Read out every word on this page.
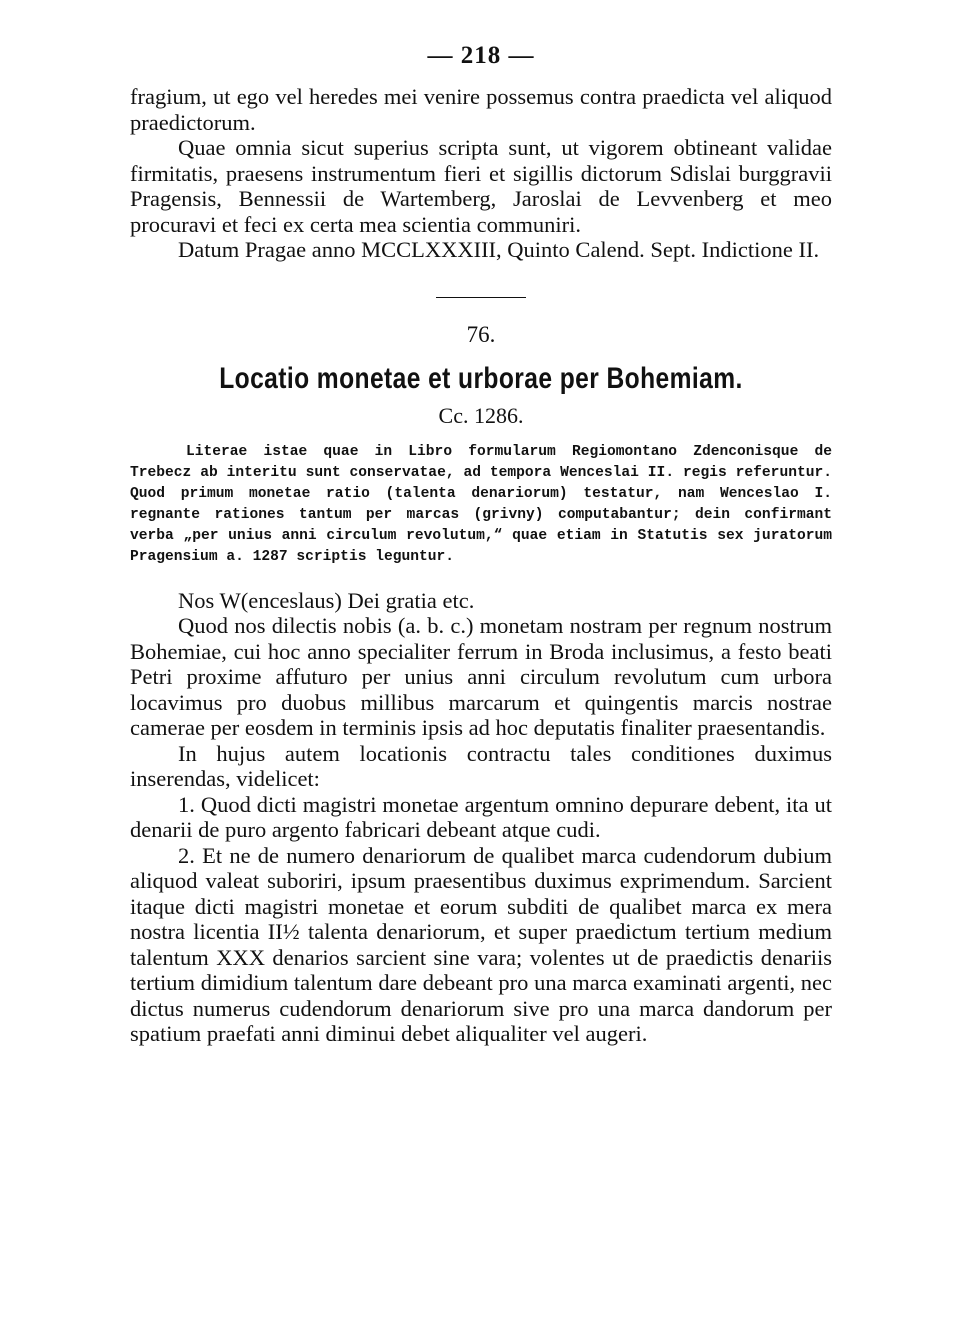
— 218 —

fragium, ut ego vel heredes mei venire possemus contra praedicta vel aliquod praedictorum.

Quae omnia sicut superius scripta sunt, ut vigorem obtineant validae firmitatis, praesens instrumentum fieri et sigillis dictorum Sdislai burggravii Pragensis, Bennessii de Wartemberg, Jaroslai de Levvenberg et meo procuravi et feci ex certa mea scientia communiri.

Datum Pragae anno MCCLXXXIII, Quinto Calend. Sept. Indictione II.

76.
Locatio monetae et urborae per Bohemiam.
Cc. 1286.

Literae istae quae in Libro formularum Regiomontano Zdenconisque de Trebecz ab interitu sunt conservatae, ad tempora Wenceslai II. regis referuntur. Quod primum monetae ratio (talenta denariorum) testatur, nam Wenceslao I. regnante rationes tantum per marcas (grivny) computabantur; dein confirmant verba „per unius anni circulum revolutum,“ quae etiam in Statutis sex juratorum Pragensium a. 1287 scriptis leguntur.

Nos W(enceslaus) Dei gratia etc.

Quod nos dilectis nobis (a. b. c.) monetam nostram per regnum nostrum Bohemiae, cui hoc anno specialiter ferrum in Broda inclusimus, a festo beati Petri proxime affuturo per unius anni circulum revolutum cum urbora locavimus pro duobus millibus marcarum et quingentis marcis nostrae camerae per eosdem in terminis ipsis ad hoc deputatis finaliter praesentandis.

In hujus autem locationis contractu tales conditiones duximus inserendas, videlicet:

1. Quod dicti magistri monetae argentum omnino depurare debent, ita ut denarii de puro argento fabricari debeant atque cudi.

2. Et ne de numero denariorum de qualibet marca cudendorum dubium aliquod valeat suboriri, ipsum praesentibus duximus exprimendum. Sarcient itaque dicti magistri monetae et eorum subditi de qualibet marca ex mera nostra licentia II½ talenta denariorum, et super praedictum tertium medium talentum XXX denarios sarcient sine vara; volentes ut de praedictis denariis tertium dimidium talentum dare debeant pro una marca examinati argenti, nec dictus numerus cudendorum denariorum sive pro una marca dandorum per spatium praefati anni diminui debet aliqualiter vel augeri.
